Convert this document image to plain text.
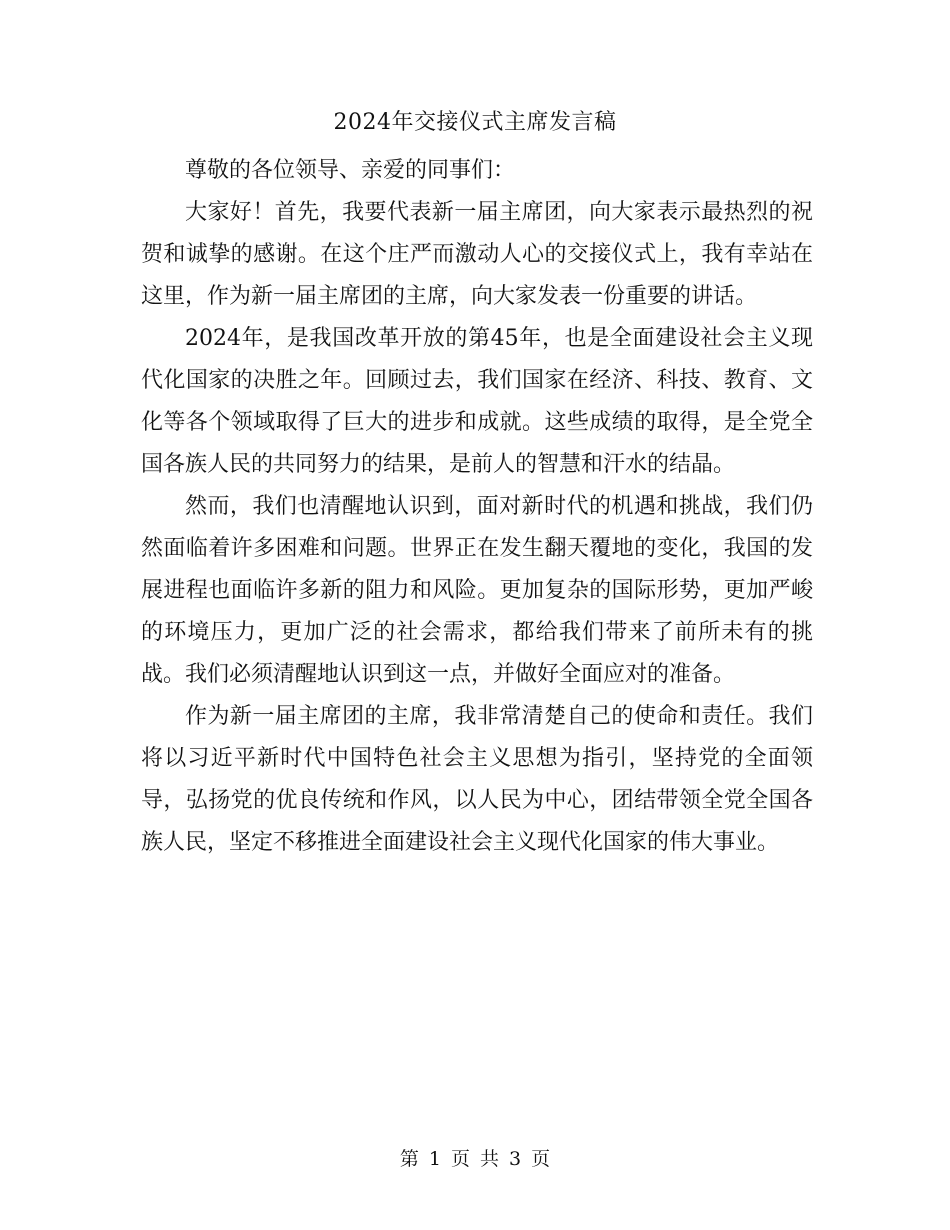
2024年交接仪式主席发言稿

尊敬的各位领导、亲爱的同事们：

大家好！首先，我要代表新一届主席团，向大家表示最热烈的祝贺和诚挚的感谢。在这个庄严而激动人心的交接仪式上，我有幸站在这里，作为新一届主席团的主席，向大家发表一份重要的讲话。

2024年，是我国改革开放的第45年，也是全面建设社会主义现代化国家的决胜之年。回顾过去，我们国家在经济、科技、教育、文化等各个领域取得了巨大的进步和成就。这些成绩的取得，是全党全国各族人民的共同努力的结果，是前人的智慧和汗水的结晶。

然而，我们也清醒地认识到，面对新时代的机遇和挑战，我们仍然面临着许多困难和问题。世界正在发生翻天覆地的变化，我国的发展进程也面临许多新的阻力和风险。更加复杂的国际形势，更加严峻的环境压力，更加广泛的社会需求，都给我们带来了前所未有的挑战。我们必须清醒地认识到这一点，并做好全面应对的准备。

作为新一届主席团的主席，我非常清楚自己的使命和责任。我们将以习近平新时代中国特色社会主义思想为指引，坚持党的全面领导，弘扬党的优良传统和作风，以人民为中心，团结带领全党全国各族人民，坚定不移推进全面建设社会主义现代化国家的伟大事业。

第 1 页 共 3 页
